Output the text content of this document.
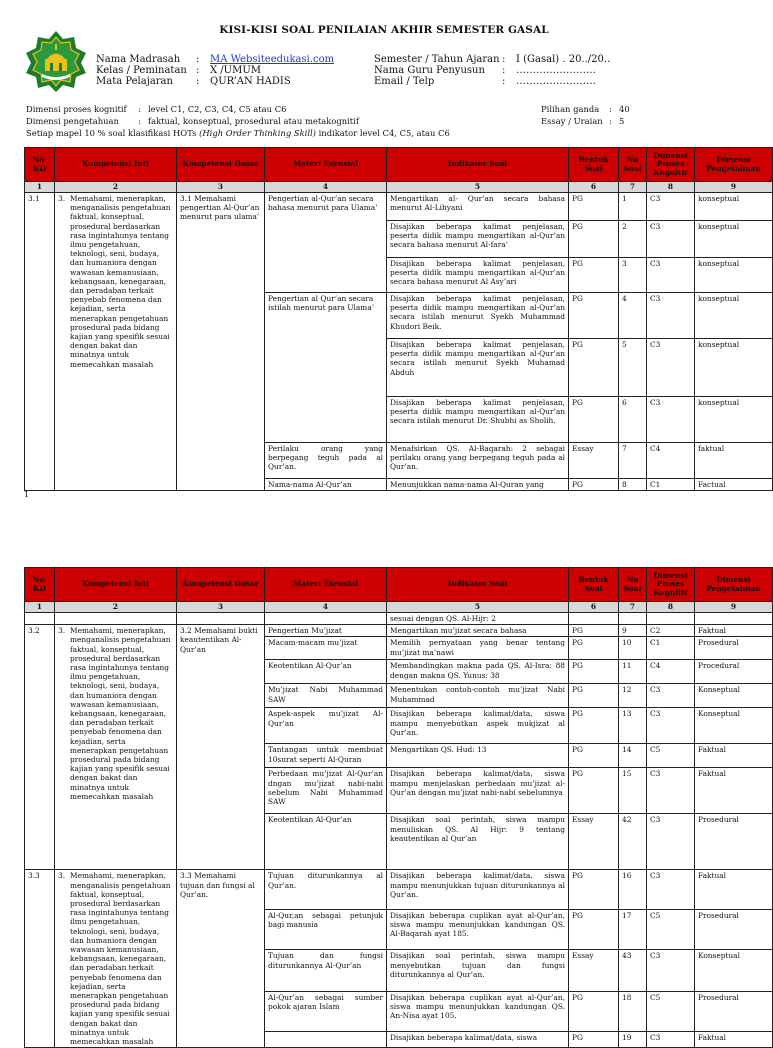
KISI-KISI SOAL PENILAIAN AKHIR SEMESTER GASAL
Nama Madrasah	:	MA Websiteedukasi.com
Kelas / Peminatan :	X /UMUM
Mata Pelajaran	:	QUR’AN HADIS
Semester / Tahun Ajaran :	I (Gasal) . 20../20..
Nama Guru Penyusun	:	……………………
Email / Telp	:	……………………
Dimensi proses kognitif	: level C1, C2, C3, C4, C5 atau C6
Dimensi pengetahuan	: faktual, konseptual, prosedural atau metakognitif
Setiap mapel 10 % soal klasifikasi HOTs (High Order Thinking Skill) indikator level C4, C5, atau C6
Pilihan ganda	: 40
Essay / Uraian : 5
No. KD	Kompetensi Inti	Kompetensi Dasar	Materi Esensial	Indikator Soal	Bentuk Soal	No Soal	Dimensi Proses Kognitif	Dimensi Pengetahuan
1	2	3	4	5	6	7	8	9
3.1	3. Memahami, menerapkan, menganalisis pengetahuan faktual, konseptual, prosedural berdasarkan rasa ingintahunya tentang ilmu pengetahuan, teknologi, seni, budaya, dan humaniora dengan wawasan kemanusiaan, kebangsaan, kenegaraan, dan peradaban terkait penyebab fenomena dan kejadian, serta menerapkan pengetahuan prosedural pada bidang kajian yang spesifik sesuai dengan bakat dan minatnya untuk memecahkan masalah	3.1 Memahami pengertian Al-Qur’an menurut para ulama’	Pengertian al-Qur’an secara bahasa menurut para Ulama’	Mengartikan al- Qur’an secara bahasa menurut Al-Lihyani	PG	1	C3	konseptual
				Disajikan beberapa kalimat penjelasan, peserta didik mampu mengartikan al-Qur’an secara bahasa menurut Al-fara’	PG	2	C3	konseptual
				Disajikan beberapa kalimat penjelasan, peserta didik mampu mengartikan al-Qur’an secara bahasa menurut Al Asy’ari	PG	3	C3	konseptual
			Pengertian al Qur’an secara istilah menurut para Ulama’	Disajikan beberapa kalimat penjelasan, peserta didik mampu mengartikan al-Qur’an secara istilah menurut Syekh Muhammad Khudori Beik.	PG	4	C3	konseptual
				Disajikan beberapa kalimat penjelasan, peserta didik mampu mengartikan al-Qur’an secara istilah menurut Syekh Muhamad Abduh	PG	5	C3	konseptual
				Disajikan beberapa kalimat penjelasan, peserta didik mampu mengartikan al-Qur’an secara istilah menurut Dr. Shubhi as Sholih.	PG	6	C3	konseptual
			Perilaku orang yang berpegang teguh pada al Qur’an.	Menafsirkan QS. Al-Baqarah: 2 sebagai perilaku orang yang berpegang teguh pada al Qur’an.	Essay	7	C4	faktual
			Nama-nama Al-Qur’an	Menunjukkan nama-nama Al-Quran yang	PG	8	C1	Factual
1
No. KD	Kompetensi Inti	Kompetensi Dasar	Materi Esensial	Indikator Soal	Bentuk Soal	No Soal	Dimensi Proses Kognitif	Dimensi Pengetahuan
1	2	3	4	5	6	7	8	9
				sesuai dengan QS. Al-Hijr: 2				
3.2	3. Memahami, menerapkan, menganalisis pengetahuan faktual, konseptual, prosedural berdasarkan rasa ingintahunya tentang ilmu pengetahuan, teknologi, seni, budaya, dan humaniora dengan wawasan kemanusiaan, kebangsaan, kenegaraan, dan peradaban terkait penyebab fenomena dan kejadian, serta menerapkan pengetahuan prosedural pada bidang kajian yang spesifik sesuai dengan bakat dan minatnya untuk memecahkan masalah	3.2 Memahami bukti keautentikan Al-Qur’an	Pengertian Mu’jizat	Mengartikan mu’jizat secara bahasa	PG	9	C2	Faktual
			Macam-macam mu’jizat	Memilih pernyataan yang benar tentang mu’jizat ma’nawi	PG	10	C1	Prosedural
			Keotentikan Al-Qur’an	Membandingkan makna pada QS. Al-Isra: 88 dengan makna QS. Yunus: 38	PG	11	C4	Procedural
			Mu’jizat Nabi Muhammad SAW	Menentukan contoh-contoh mu’jizat Nabi Muhammad	PG	12	C3	Konseptual
			Aspek-aspek mu’jizat Al-Qur’an	Disajikan beberapa kalimat/data, siswa mampu menyebutkan aspek mukjizat al Qur’an.	PG	13	C3	Konseptual
			Tantangan untuk membuat 10surat seperti Al-Quran	Mengartikan QS. Hud: 13	PG	14	C5	Faktual
			Perbedaan mu’jizat Al-Qur’an dngan mu’jizat nabi-nabi sebelum Nabi Muhammad SAW	Disajikan beberapa kalimat/data, siswa mampu menjelaskan perbedaan mu’jizat al-Qur’an dengan mu’jizat nabi-nabi sebelumnya	PG	15	C3	Faktual
			Keotentikan Al-Qur’an	Disajikan soal perintah, siswa mampu menuliskan QS. Al Hijr: 9 tentang keautentikan al Qur’an	Essay	42	C3	Prosedural
3.3	3. Memahami, menerapkan, menganalisis pengetahuan faktual, konseptual, prosedural berdasarkan rasa ingintahunya tentang ilmu pengetahuan, teknologi, seni, budaya, dan humaniora dengan wawasan kemanusiaan, kebangsaan, kenegaraan, dan peradaban terkait penyebab fenomena dan kejadian, serta menerapkan pengetahuan prosedural pada bidang kajian yang spesifik sesuai dengan bakat dan minatnya untuk memecahkan masalah	3.3 Memahami tujuan dan fungsi al Qur’an.	Tujuan diturunkannya al Qur’an.	Disajikan beberapa kalimat/data, siswa mampu menunjukkan tujuan diturunkannya al Qur’an.	PG	16	C3	Faktual
			Al-Qur,an sebagai petunjuk bagi manusia	Disajikan beberapa cuplikan ayat al-Qur’an, siswa mampu menunjukkan kandungan QS. Al-Baqarah ayat 185.	PG	17	C5	Prosedural
			Tujuan dan fungsi diturunkannya Al-Qur’an	Disajikan soal perintah, siswa mampu menyebutkan tujuan dan fungsi diturunkannya al Qur’an.	Essay	43	C3	Konseptual
			Al-Qur’an sebagai sumber pokok ajaran Islam	Disajikan beberapa cuplikan ayat al-Qur’an, siswa mampu menunjukkan kandungan QS. An-Nisa ayat 105.	PG	18	C5	Prosedural
				Disajikan beberapa kalimat/data, siswa	PG	19	C3	Faktual
